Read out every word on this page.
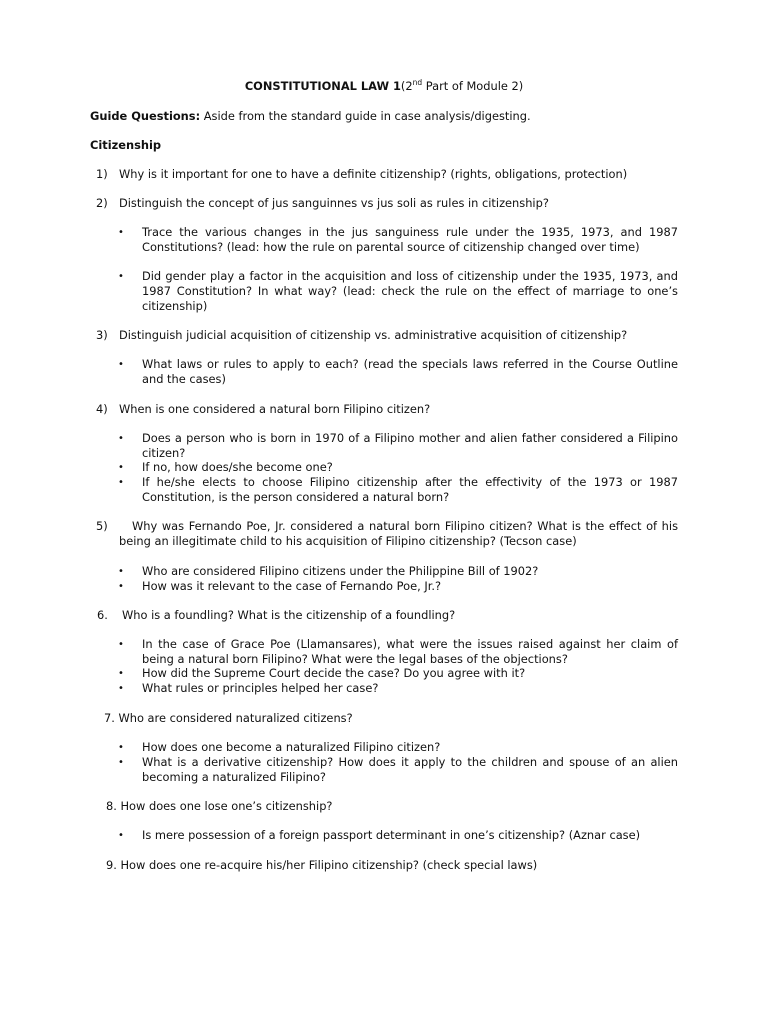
CONSTITUTIONAL LAW 1(2nd Part of Module 2)
Guide Questions: Aside from the standard guide in case analysis/digesting.
Citizenship
1) Why is it important for one to have a definite citizenship? (rights, obligations, protection)
2) Distinguish the concept of jus sanguinnes vs jus soli as rules in citizenship?
• Trace the various changes in the jus sanguiness rule under the 1935, 1973, and 1987 Constitutions? (lead: how the rule on parental source of citizenship changed over time)
• Did gender play a factor in the acquisition and loss of citizenship under the 1935, 1973, and 1987 Constitution? In what way? (lead: check the rule on the effect of marriage to one’s citizenship)
3) Distinguish judicial acquisition of citizenship vs. administrative acquisition of citizenship?
• What laws or rules to apply to each? (read the specials laws referred in the Course Outline and the cases)
4) When is one considered a natural born Filipino citizen?
• Does a person who is born in 1970 of a Filipino mother and alien father considered a Filipino citizen?
• If no, how does/she become one?
• If he/she elects to choose Filipino citizenship after the effectivity of the 1973 or 1987 Constitution, is the person considered a natural born?
5) Why was Fernando Poe, Jr. considered a natural born Filipino citizen? What is the effect of his
being an illegitimate child to his acquisition of Filipino citizenship? (Tecson case)
• Who are considered Filipino citizens under the Philippine Bill of 1902?
• How was it relevant to the case of Fernando Poe, Jr.?
6. Who is a foundling? What is the citizenship of a foundling?
• In the case of Grace Poe (Llamansares), what were the issues raised against her claim of being a natural born Filipino? What were the legal bases of the objections?
• How did the Supreme Court decide the case? Do you agree with it?
• What rules or principles helped her case?
7. Who are considered naturalized citizens?
• How does one become a naturalized Filipino citizen?
• What is a derivative citizenship? How does it apply to the children and spouse of an alien becoming a naturalized Filipino?
8. How does one lose one’s citizenship?
• Is mere possession of a foreign passport determinant in one’s citizenship? (Aznar case)
9. How does one re-acquire his/her Filipino citizenship? (check special laws)
